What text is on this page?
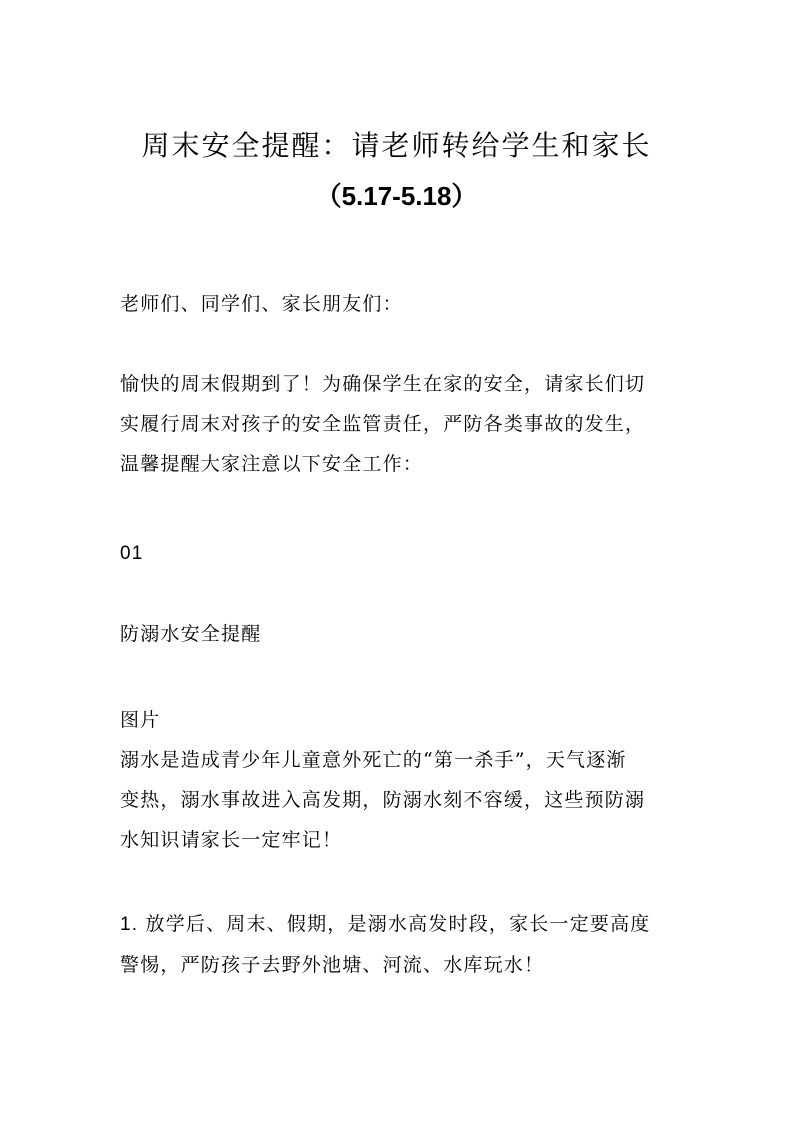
周末安全提醒：请老师转给学生和家长
（5.17-5.18）

老师们、同学们、家长朋友们：

愉快的周末假期到了！为确保学生在家的安全，请家长们切
实履行周末对孩子的安全监管责任，严防各类事故的发生，
温馨提醒大家注意以下安全工作：

01

防溺水安全提醒

图片

溺水是造成青少年儿童意外死亡的“第一杀手”，天气逐渐
变热，溺水事故进入高发期，防溺水刻不容缓，这些预防溺
水知识请家长一定牢记！
1. 放学后、周末、假期，是溺水高发时段，家长一定要高度
警惕，严防孩子去野外池塘、河流、水库玩水！
